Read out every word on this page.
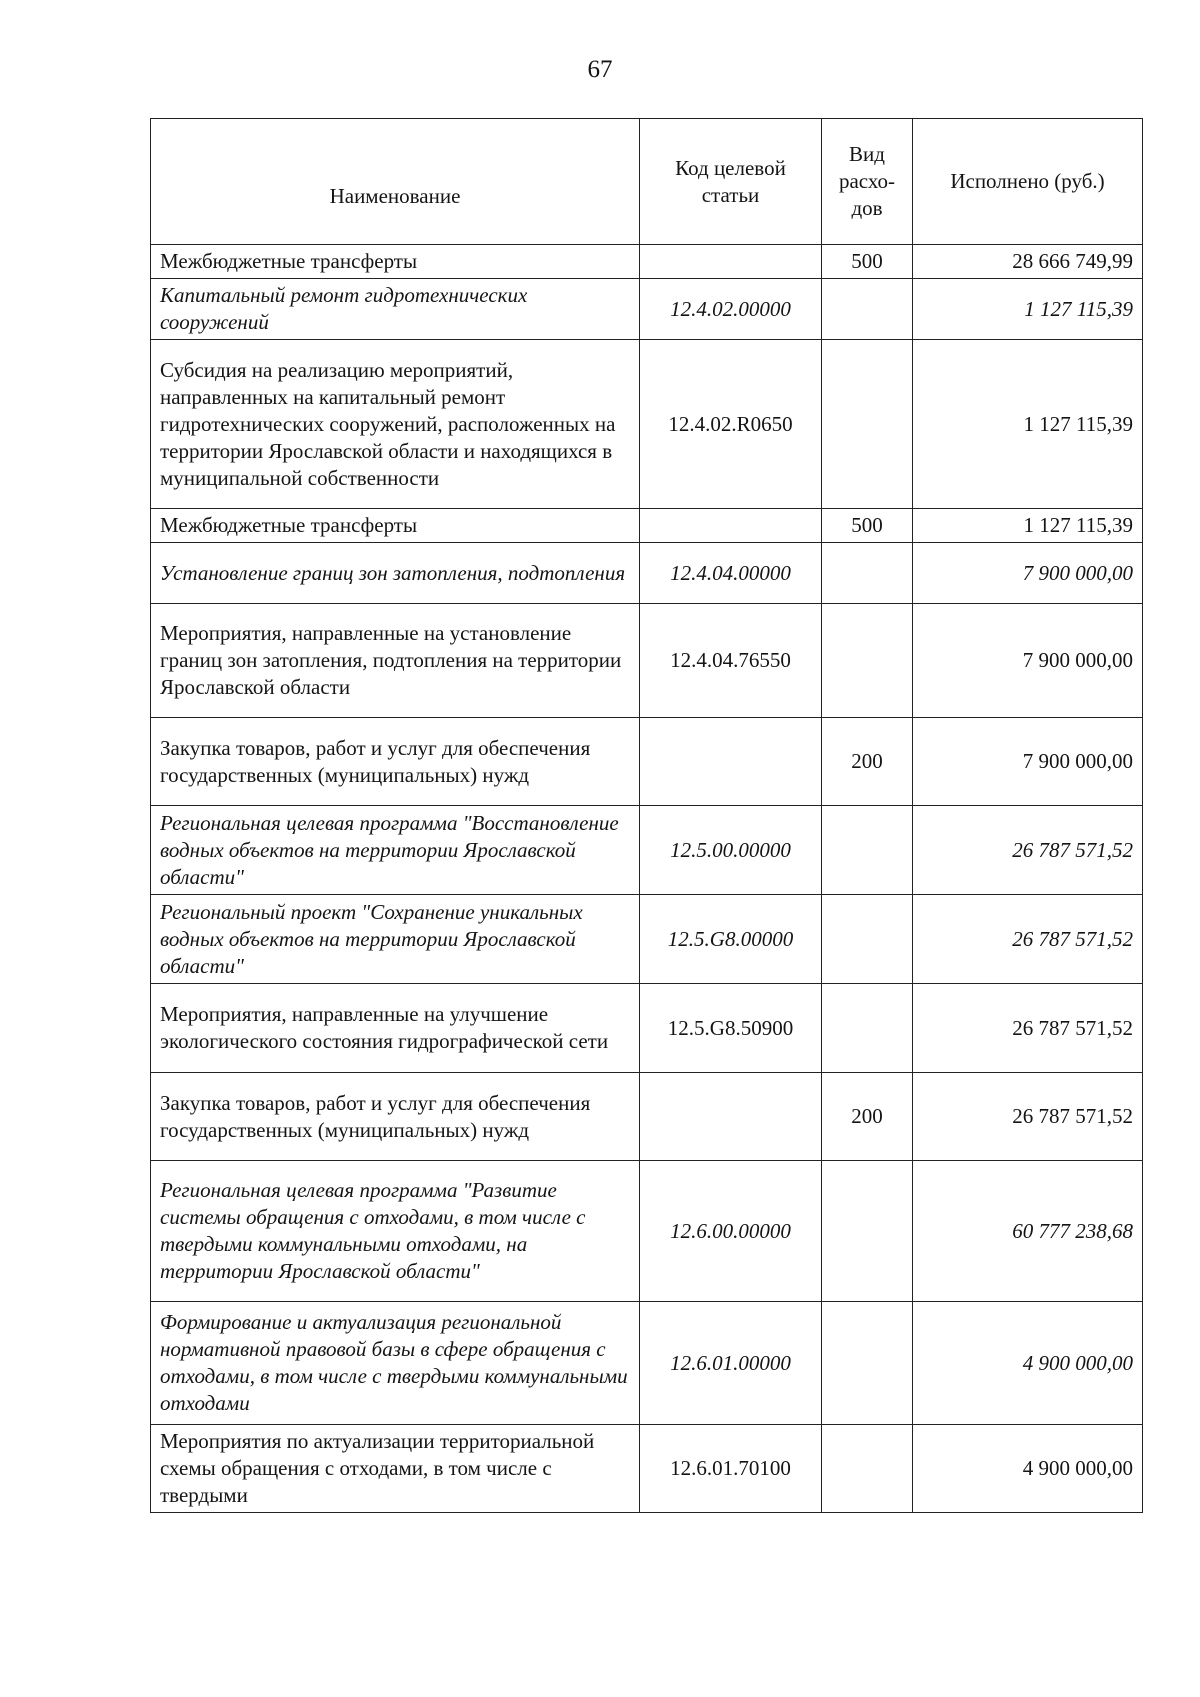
67
Наименование	Код целевой статьи	Вид расхо-дов	Исполнено (руб.)
Межбюджетные трансферты		500	28 666 749,99
Капитальный ремонт гидротехнических сооружений	12.4.02.00000		1 127 115,39
Субсидия на реализацию мероприятий, направленных на капитальный ремонт гидротехнических сооружений, расположенных на территории Ярославской области и находящихся в муниципальной собственности	12.4.02.R0650		1 127 115,39
Межбюджетные трансферты		500	1 127 115,39
Установление границ зон затопления, подтопления	12.4.04.00000		7 900 000,00
Мероприятия, направленные на установление границ зон затопления, подтопления на территории Ярославской области	12.4.04.76550		7 900 000,00
Закупка товаров, работ и услуг для обеспечения государственных (муниципальных) нужд		200	7 900 000,00
Региональная целевая программа "Восстановление водных объектов на территории Ярославской области"	12.5.00.00000		26 787 571,52
Региональный проект "Сохранение уникальных водных объектов на территории Ярославской области"	12.5.G8.00000		26 787 571,52
Мероприятия, направленные на улучшение экологического состояния гидрографической сети	12.5.G8.50900		26 787 571,52
Закупка товаров, работ и услуг для обеспечения государственных (муниципальных) нужд		200	26 787 571,52
Региональная целевая программа "Развитие системы обращения с отходами, в том числе с твердыми коммунальными отходами, на территории Ярославской области"	12.6.00.00000		60 777 238,68
Формирование и актуализация региональной нормативной правовой базы в сфере обращения с отходами, в том числе с твердыми коммунальными отходами	12.6.01.00000		4 900 000,00
Мероприятия по актуализации территориальной схемы обращения с отходами, в том числе с твердыми	12.6.01.70100		4 900 000,00
